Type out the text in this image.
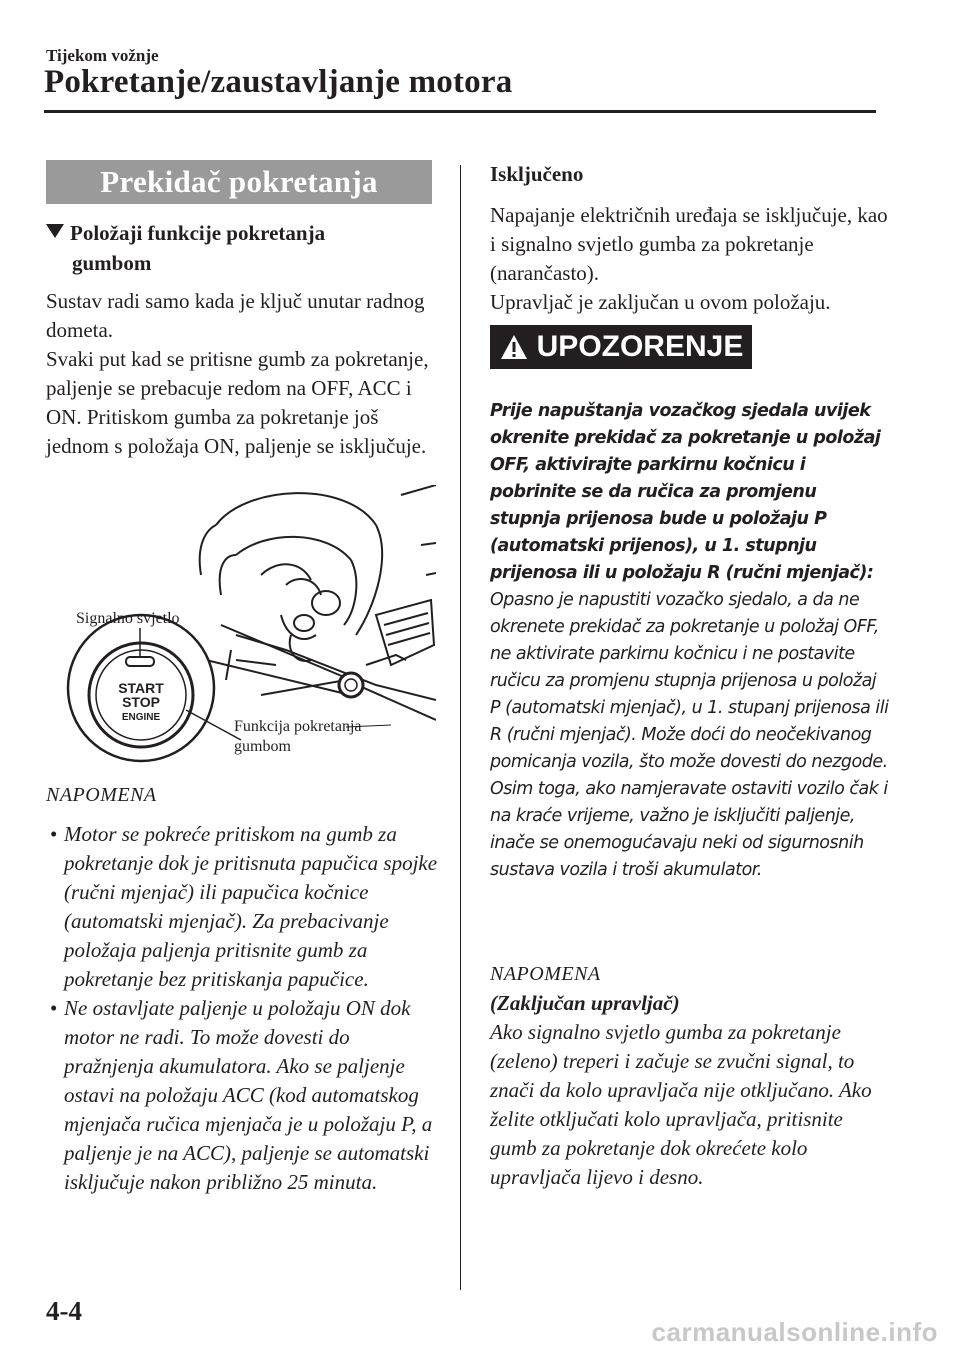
Tijekom vožnje
Pokretanje/zaustavljanje motora
Prekidač pokretanja
Položaji funkcije pokretanja
gumbom
Sustav radi samo kada je ključ unutar radnog dometa.
Svaki put kad se pritisne gumb za pokretanje, paljenje se prebacuje redom na OFF, ACC i ON. Pritiskom gumba za pokretanje još jednom s položaja ON, paljenje se isključuje.
START
STOP
ENGINE
Signalno svjetlo
Funkcija pokretanja
gumbom
NAPOMENA
• Motor se pokreće pritiskom na gumb za pokretanje dok je pritisnuta papučica spojke (ručni mjenjač) ili papučica kočnice (automatski mjenjač). Za prebacivanje položaja paljenja pritisnite gumb za pokretanje bez pritiskanja papučice.
• Ne ostavljate paljenje u položaju ON dok motor ne radi. To može dovesti do pražnjenja akumulatora. Ako se paljenje ostavi na položaju ACC (kod automatskog mjenjača ručica mjenjača je u položaju P, a paljenje je na ACC), paljenje se automatski isključuje nakon približno 25 minuta.
Isključeno
Napajanje električnih uređaja se isključuje, kao i signalno svjetlo gumba za pokretanje (narančasto).
Upravljač je zaključan u ovom položaju.
UPOZORENJE
Prije napuštanja vozačkog sjedala uvijek okrenite prekidač za pokretanje u položaj OFF, aktivirajte parkirnu kočnicu i pobrinite se da ručica za promjenu stupnja prijenosa bude u položaju P (automatski prijenos), u 1. stupnju prijenosa ili u položaju R (ručni mjenjač):
Opasno je napustiti vozačko sjedalo, a da ne okrenete prekidač za pokretanje u položaj OFF, ne aktivirate parkirnu kočnicu i ne postavite ručicu za promjenu stupnja prijenosa u položaj P (automatski mjenjač), u 1. stupanj prijenosa ili R (ručni mjenjač). Može doći do neočekivanog pomicanja vozila, što može dovesti do nezgode.
Osim toga, ako namjeravate ostaviti vozilo čak i na kraće vrijeme, važno je isključiti paljenje, inače se onemogućavaju neki od sigurnosnih sustava vozila i troši akumulator.
NAPOMENA
(Zaključan upravljač)
Ako signalno svjetlo gumba za pokretanje (zeleno) treperi i začuje se zvučni signal, to znači da kolo upravljača nije otključano. Ako želite otključati kolo upravljača, pritisnite gumb za pokretanje dok okrećete kolo upravljača lijevo i desno.
4-4
carmanualsonline.info
